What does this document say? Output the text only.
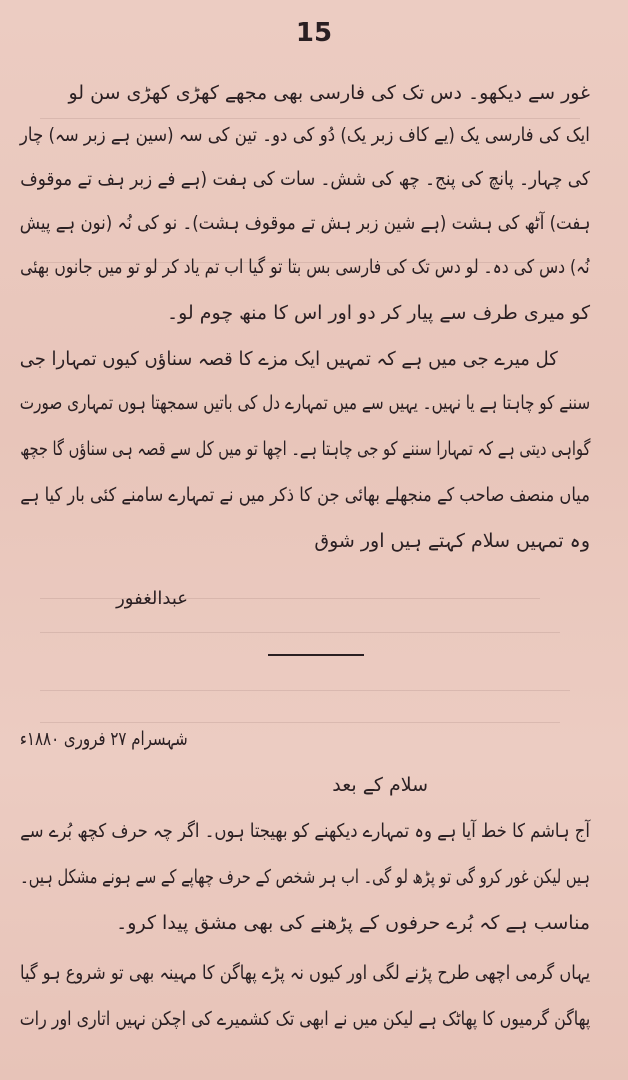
15
غور سے دیکھو۔ دس تک کی فارسی بھی مجھے کھڑی کھڑی سن لو
ایک کی فارسی یک (یے کاف زبر یک) دُو کی دو۔ تین کی سہ (سین ہے زبر سہ) چار
کی چہار۔ پانچ کی پنج۔ چھ کی شش۔ سات کی ہفت (ہے فے زبر ہف تے موقوف
ہفت) آٹھ کی ہشت (ہے شین زبر ہش تے موقوف ہشت)۔ نو کی نُہ (نون ہے پیش
نُہ) دس کی دہ۔ لو دس تک کی فارسی بس بتا تو گیا اب تم یاد کر لو تو میں جانوں بھئی
کو میری طرف سے پیار کر دو اور اس کا منھ چوم لو۔
کل میرے جی میں ہے کہ تمہیں ایک مزے کا قصہ سناؤں کیوں تمہارا جی
سننے کو چاہتا ہے یا نہیں۔ یہیں سے میں تمہارے دل کی باتیں سمجھتا ہوں تمہاری صورت
گواہی دیتی ہے کہ تمہارا سننے کو جی چاہتا ہے۔ اچھا تو میں کل سے قصہ ہی سناؤں گا جچھ
میاں منصف صاحب کے منجھلے بھائی جن کا ذکر میں نے تمہارے سامنے کئی بار کیا ہے
وہ تمہیں سلام کہتے ہیں اور شوق
عبدالغفور
شہسرام ۲۷ فروری ۱۸۸۰ء
سلام کے بعد
آج ہاشم کا خط آیا ہے وہ تمہارے دیکھنے کو بھیجتا ہوں۔ اگر چہ حرف کچھ بُرے سے
ہیں لیکن غور کرو گی تو پڑھ لو گی۔ اب ہر شخص کے حرف چھاپے کے سے ہونے مشکل ہیں۔
مناسب ہے کہ بُرے حرفوں کے پڑھنے کی بھی مشق پیدا کرو۔
یہاں گرمی اچھی طرح پڑنے لگی اور کیوں نہ پڑے پھاگن کا مہینہ بھی تو شروع ہو گیا
پھاگن گرمیوں کا پھاٹک ہے لیکن میں نے ابھی تک کشمیرے کی اچکن نہیں اتاری اور رات
